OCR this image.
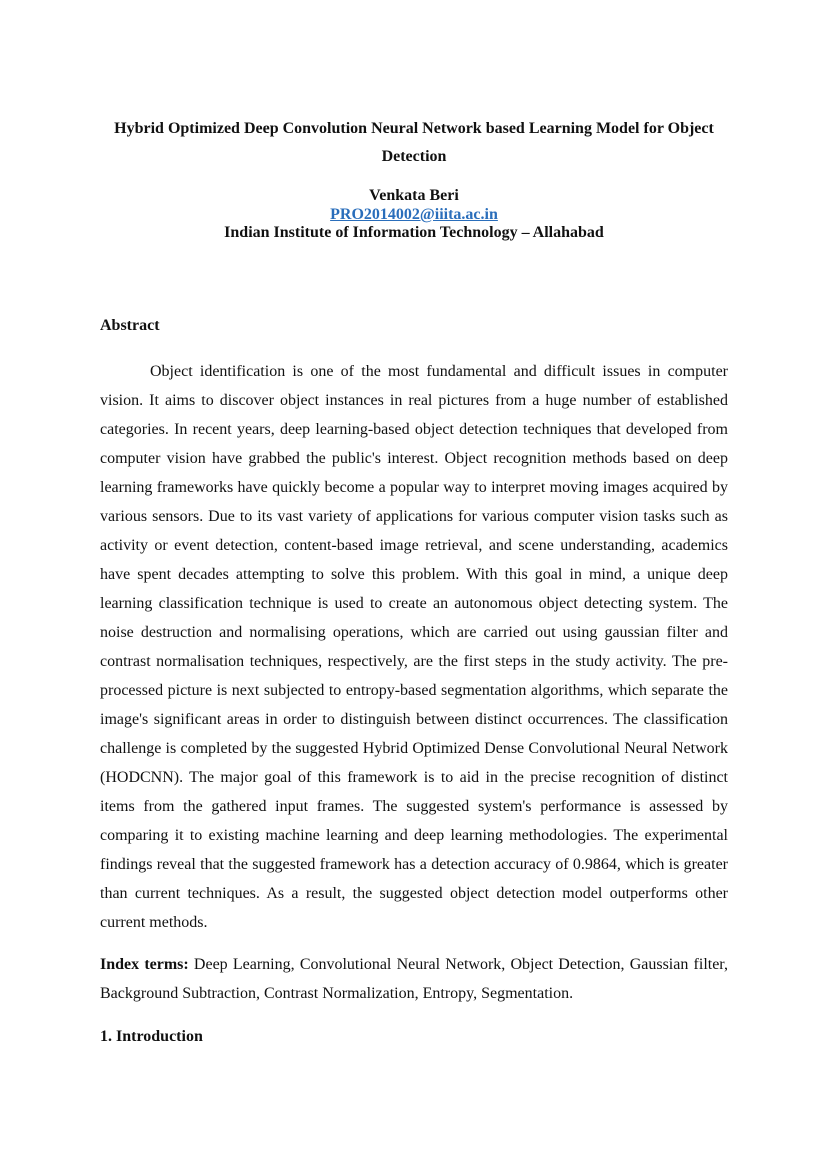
Hybrid Optimized Deep Convolution Neural Network based Learning Model for Object
Detection
Venkata Beri
PRO2014002@iiita.ac.in
Indian Institute of Information Technology – Allahabad
Abstract

Object identification is one of the most fundamental and difficult issues in computer vision. It aims to discover object instances in real pictures from a huge number of established categories. In recent years, deep learning-based object detection techniques that developed from computer vision have grabbed the public's interest. Object recognition methods based on deep learning frameworks have quickly become a popular way to interpret moving images acquired by various sensors. Due to its vast variety of applications for various computer vision tasks such as activity or event detection, content-based image retrieval, and scene understanding, academics have spent decades attempting to solve this problem. With this goal in mind, a unique deep learning classification technique is used to create an autonomous object detecting system. The noise destruction and normalising operations, which are carried out using gaussian filter and contrast normalisation techniques, respectively, are the first steps in the study activity. The pre-processed picture is next subjected to entropy-based segmentation algorithms, which separate the image's significant areas in order to distinguish between distinct occurrences. The classification challenge is completed by the suggested Hybrid Optimized Dense Convolutional Neural Network (HODCNN). The major goal of this framework is to aid in the precise recognition of distinct items from the gathered input frames. The suggested system's performance is assessed by comparing it to existing machine learning and deep learning methodologies. The experimental findings reveal that the suggested framework has a detection accuracy of 0.9864, which is greater than current techniques. As a result, the suggested object detection model outperforms other current methods.

Index terms: Deep Learning, Convolutional Neural Network, Object Detection, Gaussian filter, Background Subtraction, Contrast Normalization, Entropy, Segmentation.

1. Introduction
